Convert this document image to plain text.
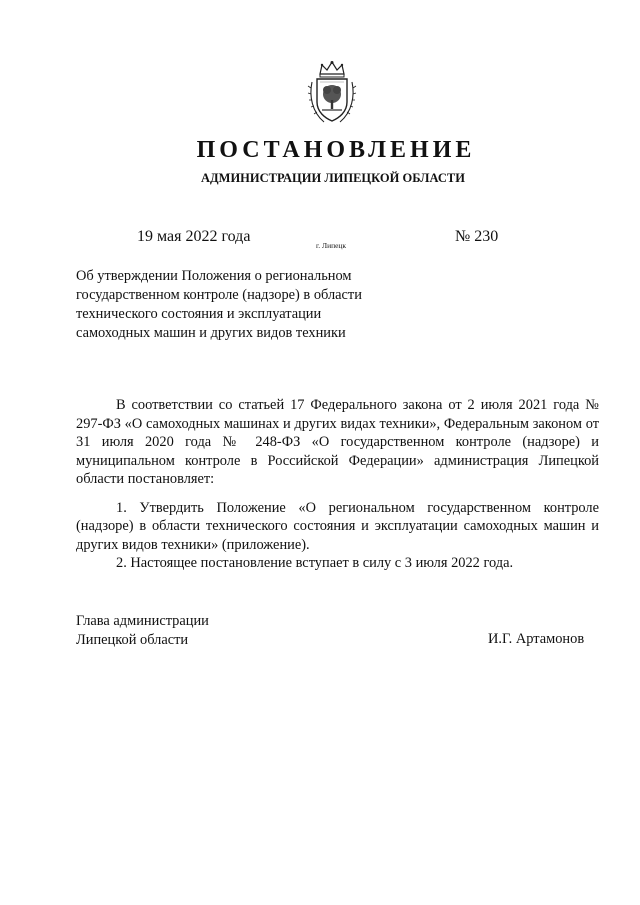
ПОСТАНОВЛЕНИЕ
АДМИНИСТРАЦИИ ЛИПЕЦКОЙ ОБЛАСТИ
19 мая 2022 года
г. Липецк
№ 230
Об утверждении Положения о региональном
государственном контроле (надзоре) в области
технического состояния и эксплуатации
самоходных машин и других видов техники

В соответствии со статьей 17 Федерального закона от 2 июля 2021 года № 297-ФЗ «О самоходных машинах и других видах техники», Федеральным законом от 31 июля 2020 года № 248-ФЗ «О государственном контроле (надзоре) и муниципальном контроле в Российской Федерации» администрация Липецкой области постановляет:

1. Утвердить Положение «О региональном государственном контроле (надзоре) в области технического состояния и эксплуатации самоходных машин и других видов техники» (приложение).

2. Настоящее постановление вступает в силу с 3 июля 2022 года.

Глава администрации
Липецкой области	И.Г. Артамонов
